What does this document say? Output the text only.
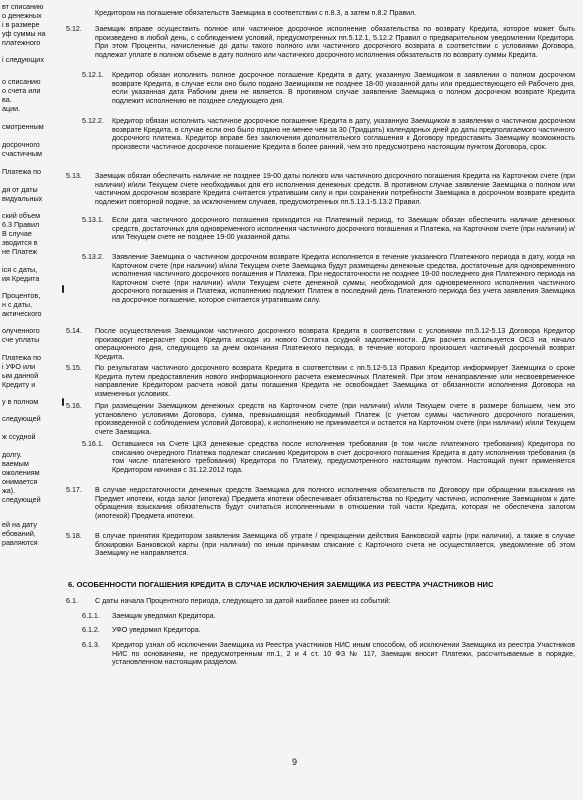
вт списанию
о денежных
і в размере
уф суммы на
платежного
і следующих
о списанию
о счета или
ва.
ации.
смотренным
досрочного
счастичным
Платежа по
дя от даты
видуальных
ский объем
6.3 Правил
В случае
зводится в
не Платеж
іся с даты,
ия Кредита
Процентов,
н с даты,
актического
олученного
сче уплаты
Платежа по
і УФО или
ым данной
Кредиту и
у в полном
следующей
ж ссудной
долгу.
ваемым
ожолениям
онимается
жа).
следующей
ей на дату
ебований,
равляются
Кредитором на погашение обязательств Заемщика в соответствии с п.8.3, а затем п.8.2 Правил.
5.12. Заемщик вправе осуществить полное или частичное досрочное исполнение обязательства по возврату Кредита, которое может быть произведено в любой день, с соблюдением условий, предусмотренных пп.5.12.1, 5.12.2 Правил о предварительном уведомлении Кредитора. При этом Проценты, начисленные до даты такого полного или частичного досрочного возврата в соответствии с условиями Договора, подлежат уплате в полном объеме в дату полного или частичного досрочного исполнения обязательств по возврату суммы Кредита.
5.12.1. Кредитор обязан исполнить полное досрочное погашение Кредита в дату, указанную Заемщиком в заявлении о полном досрочном возврате Кредита, в случае если оно было подано Заемщиком не позднее 18-00 указанной даты или предшествующего ей Рабочего дня, если указанная дата Рабочим днем не является. В противном случае заявление Заемщика о полном досрочном возврате Кредита подлежит исполнению не позднее следующего дня.
5.12.2. Кредитор обязан исполнить частичное досрочное погашение Кредита в дату, указанную Заемщиком в заявлении о частичном досрочном возврате Кредита, в случае если оно было подано не менее чем за 30 (Тридцать) календарных дней до даты предполагаемого частичного досрочного платежа. Кредитор вправе без заключения дополнительного соглашения к Договору предоставить Заемщику возможность произвести частичное досрочное погашение Кредита в более ранний, чем это предусмотрено настоящим пунктом Договора, срок.
5.13. Заемщик обязан обеспечить наличие не позднее 19-00 даты полного или частичного досрочного погашения Кредита на Карточном счете (при наличии) и/или Текущем счете необходимых для его исполнения денежных средств. В противном случае заявление Заемщика о полном или частичном досрочном возврате Кредита считается утратившим силу и при сохранении потребности Заемщика в досрочном возврате кредита подлежит повторной подаче, за исключением случаев, предусмотренных пп.5.13.1-5.13.2 Правил.
5.13.1. Если дата частичного досрочного погашения приходится на Платежный период, то Заемщик обязан обеспечить наличие денежных средств, достаточных для одновременного исполнения частичного досрочного погашения и Платежа, на Карточном счете (при наличии) и/или Текущем счете не позднее 19-00 указанной даты.
5.13.2. Заявление Заемщика о частичном досрочном возврате Кредита исполняется в течение указанного Платежного периода в дату, когда на Карточном счете (при наличии) и/или Текущем счете Заемщика будут размещены денежные средства, достаточные для одновременного исполнения частичного досрочного погашения и Платежа. При недостаточности не позднее 19-00 последнего дня Платежного периода на Карточном счете (при наличии) и/или Текущем счете денежной суммы, необходимой для одновременного исполнения частичного досрочного погашения и Платежа, исполнению подлежит Платеж в последний день Платежного периода без учета заявления Заемщика на досрочное погашение, которое считается утратившим силу.
5.14. После осуществления Заемщиком частичного досрочного возврата Кредита в соответствии с условиями пп.5.12-5.13 Договора Кредитор производит перерасчет срока Кредита исходя из нового Остатка ссудной задолженности. Для расчета используется ОСЗ на начало операционного дня, следующего за днем окончания Платежного периода, в течение которого произошел частичный досрочный возврат Кредита.
5.15. По результатам частичного досрочного возврата Кредита в соответствии с пп.5.12-5.13 Правил Кредитор информирует Заемщика о сроке Кредита путем предоставления нового информационного расчета ежемесячных Платежей. При этом ненаправление или несвоевременное направление Кредитором расчета новой даты погашения Кредита не освобождает Заемщика от обязанности исполнения Договора на измененных условиях.
5.16. При размещении Заемщиком денежных средств на Карточном счете (при наличии) и/или Текущем счете в размере большем, чем это установлено условиями Договора, сумма, превышающая необходимый Платеж (с учетом суммы частичного досрочного погашения, произведенной с соблюдением условий Договора), к исполнению не принимается и остается на Карточном счете (при наличии) и/или Текущем счете Заемщика.
5.16.1. Оставшиеся на Счете ЦКЗ денежные средства после исполнения требования (в том числе платежного требования) Кредитора по списанию очередного Платежа подлежат списанию Кредитором в счет досрочного погашения Кредита в дату исполнения требования (в том числе платежного требования) Кредитора по Платежу, предусмотренного настоящим пунктом. Настоящий пункт применяется Кредитором начиная с 31.12.2012 года.
5.17. В случае недостаточности денежных средств Заемщика для полного исполнения обязательств по Договору при обращении взыскания на Предмет ипотеки, когда залог (ипотека) Предмета ипотеки обеспечивает обязательства по Кредиту частично, исполнение Заемщиком к дате обращения взыскания обязательств будут считаться исполненными в отношении той части Кредита, которая не обеспечена залогом (ипотекой) Предмета ипотеки.
5.18. В случае принятия Кредитором заявления Заемщика об утрате / прекращении действия Банковской карты (при наличии), а также в случае блокировки Банковской карты (при наличии) по иным причинам списание с Карточного счета не осуществляется, уведомление об этом Заемщику не направляется.
6. ОСОБЕННОСТИ ПОГАШЕНИЯ КРЕДИТА В СЛУЧАЕ ИСКЛЮЧЕНИЯ ЗАЕМЩИКА ИЗ РЕЕСТРА УЧАСТНИКОВ НИС
6.1. С даты начала Процентного периода, следующего за датой наиболее ранее из событий:
6.1.1. Заемщик уведомил Кредитора.
6.1.2. УФО уведомил Кредитора.
6.1.3. Кредитор узнал об исключении Заемщика из Реестра участников НИС иным способом, об исключении Заемщика из реестра Участников НИС по основаниям, не предусмотренным пп.1, 2 и 4 ст. 10 ФЗ № 117, Заемщик вносит Платежи, рассчитываемые в порядке, установленном настоящим разделом.
9
